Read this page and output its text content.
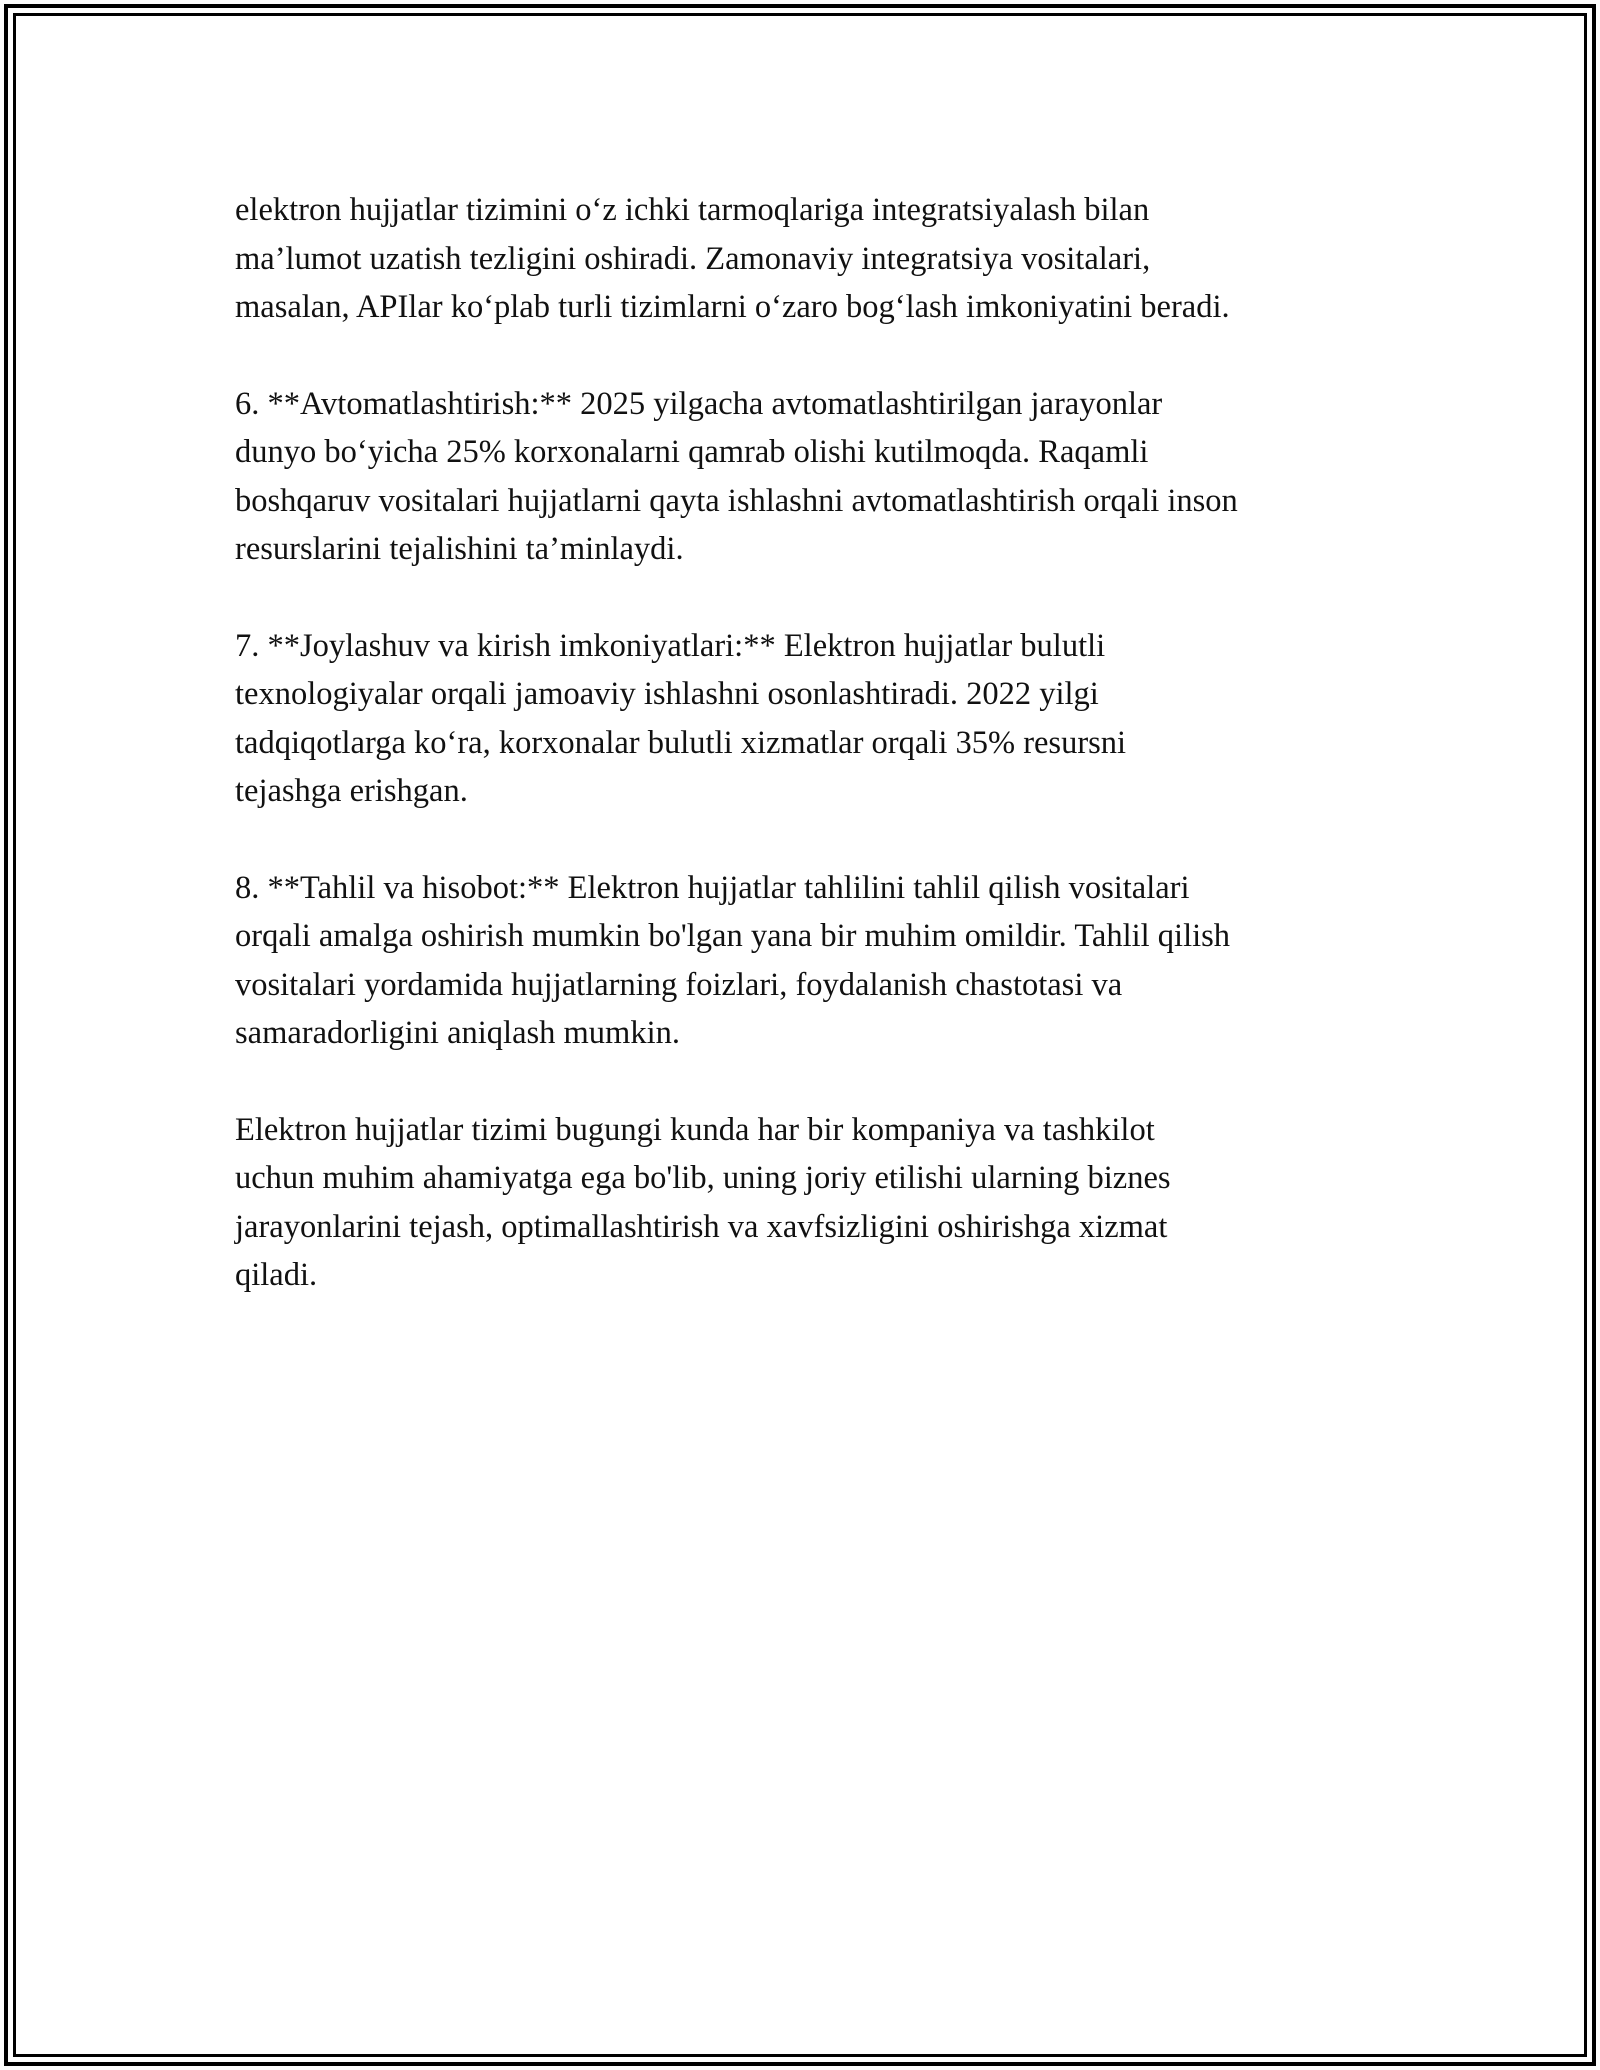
elektron hujjatlar tizimini o‘z ichki tarmoqlariga integratsiyalash bilan
ma’lumot uzatish tezligini oshiradi. Zamonaviy integratsiya vositalari,
masalan, APIlar ko‘plab turli tizimlarni o‘zaro bog‘lash imkoniyatini beradi.

6. **Avtomatlashtirish:** 2025 yilgacha avtomatlashtirilgan jarayonlar
dunyo bo‘yicha 25% korxonalarni qamrab olishi kutilmoqda. Raqamli
boshqaruv vositalari hujjatlarni qayta ishlashni avtomatlashtirish orqali inson
resurslarini tejalishini ta’minlaydi.

7. **Joylashuv va kirish imkoniyatlari:** Elektron hujjatlar bulutli
texnologiyalar orqali jamoaviy ishlashni osonlashtiradi. 2022 yilgi
tadqiqotlarga ko‘ra, korxonalar bulutli xizmatlar orqali 35% resursni
tejashga erishgan.

8. **Tahlil va hisobot:** Elektron hujjatlar tahlilini tahlil qilish vositalari
orqali amalga oshirish mumkin bo'lgan yana bir muhim omildir. Tahlil qilish
vositalari yordamida hujjatlarning foizlari, foydalanish chastotasi va
samaradorligini aniqlash mumkin.

Elektron hujjatlar tizimi bugungi kunda har bir kompaniya va tashkilot
uchun muhim ahamiyatga ega bo'lib, uning joriy etilishi ularning biznes
jarayonlarini tejash, optimallashtirish va xavfsizligini oshirishga xizmat
qiladi.
